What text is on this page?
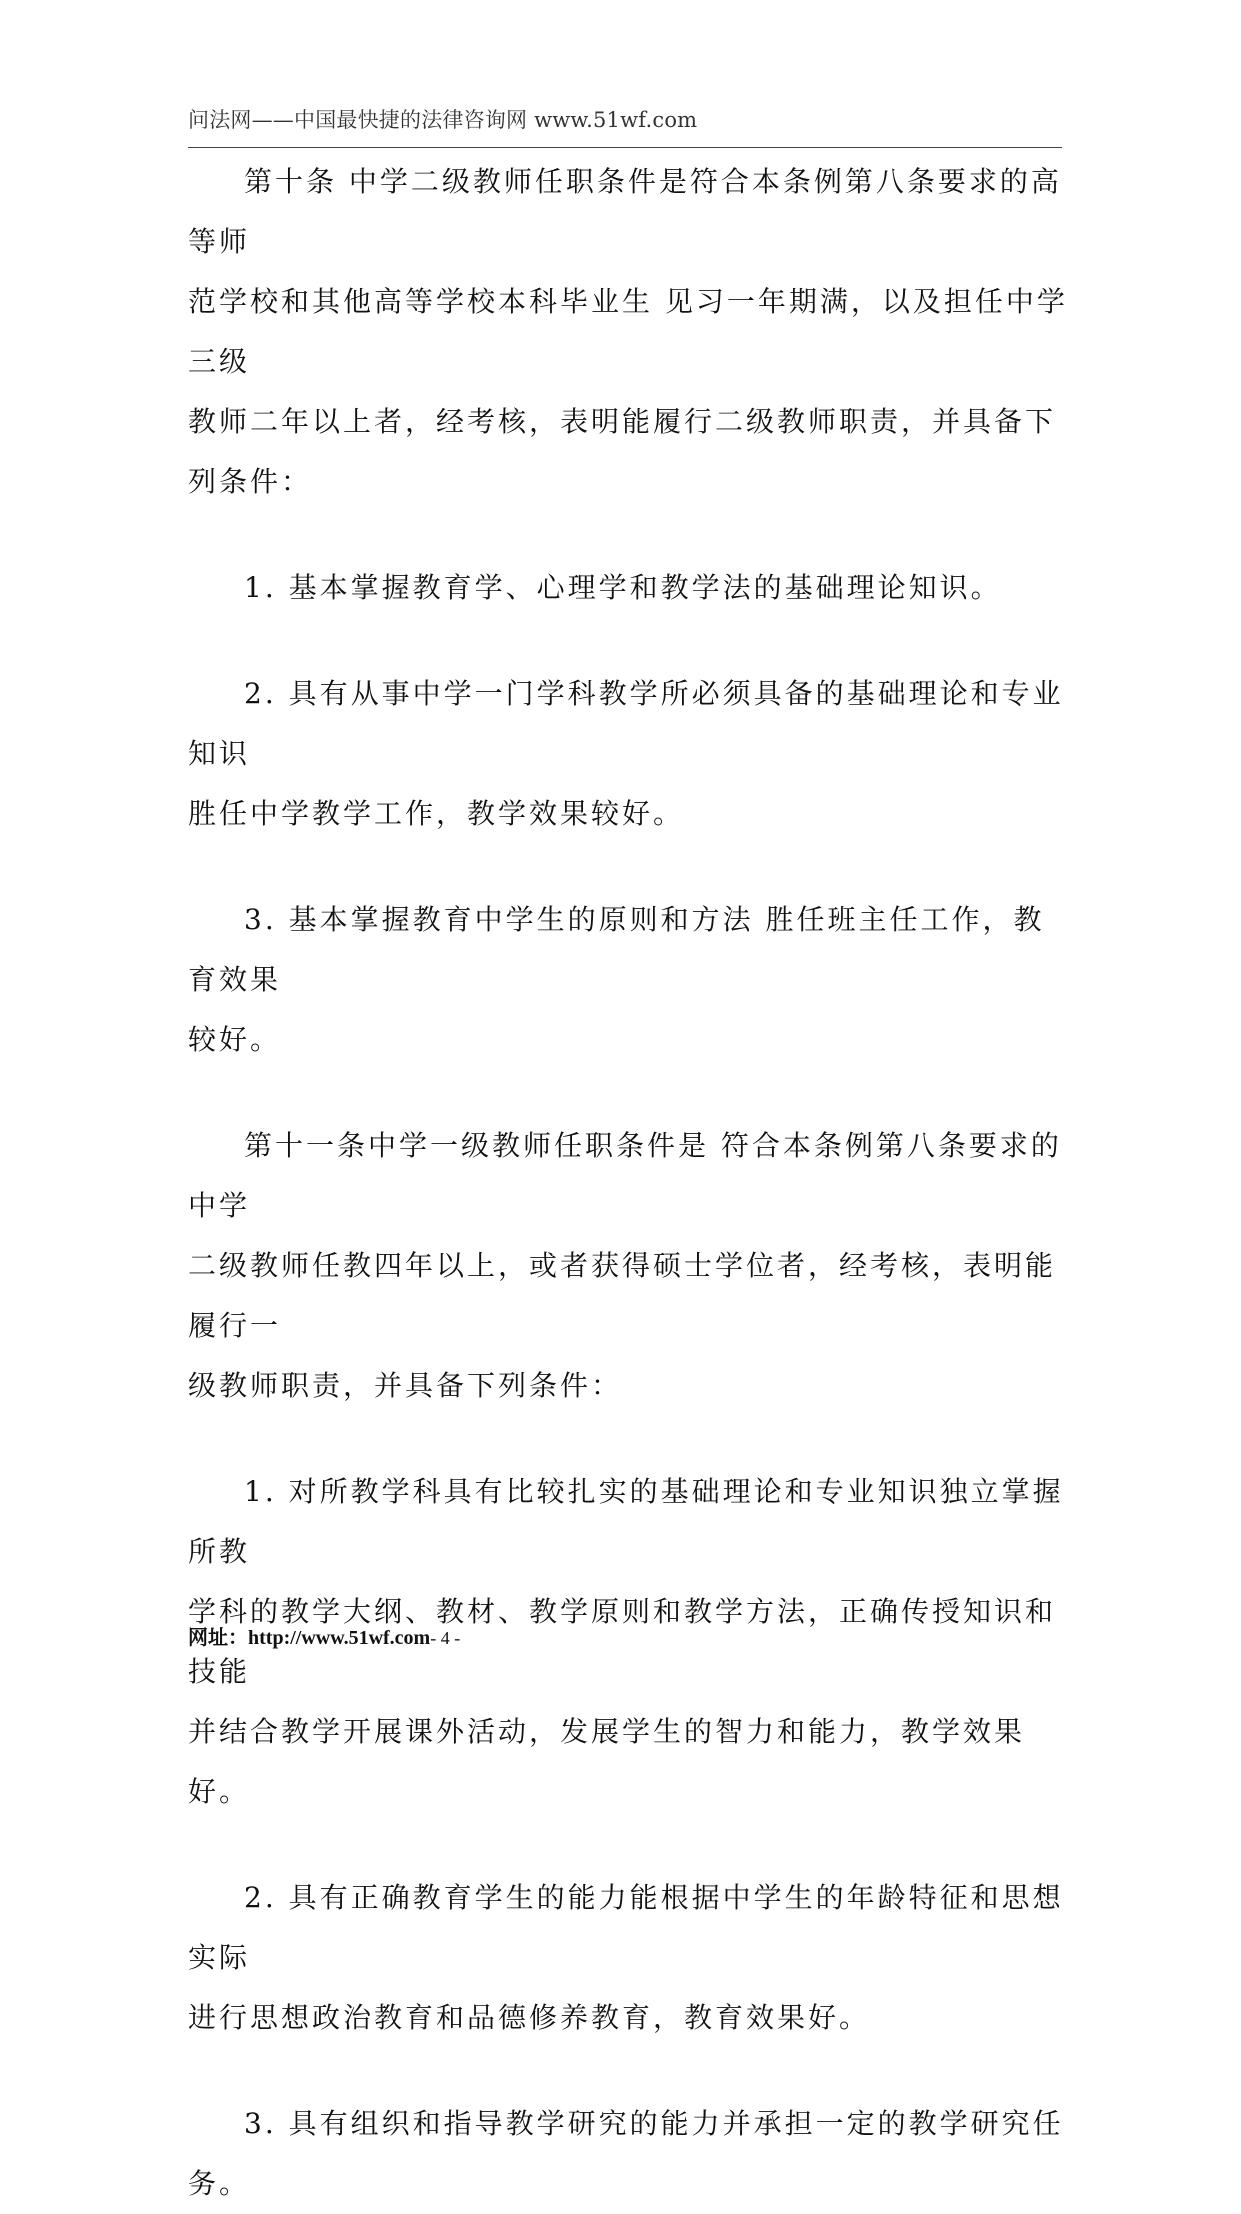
问法网——中国最快捷的法律咨询网 www.51wf.com

第十条 中学二级教师任职条件是符合本条例第八条要求的高等师
范学校和其他高等学校本科毕业生 见习一年期满，以及担任中学三级
教师二年以上者，经考核，表明能履行二级教师职责，并具备下列条件：

1. 基本掌握教育学、心理学和教学法的基础理论知识。

2. 具有从事中学一门学科教学所必须具备的基础理论和专业知识
胜任中学教学工作，教学效果较好。

3. 基本掌握教育中学生的原则和方法 胜任班主任工作，教育效果
较好。

第十一条中学一级教师任职条件是 符合本条例第八条要求的中学
二级教师任教四年以上，或者获得硕士学位者，经考核，表明能履行一
级教师职责，并具备下列条件：

1. 对所教学科具有比较扎实的基础理论和专业知识独立掌握所教
学科的教学大纲、教材、教学原则和教学方法，正确传授知识和技能
并结合教学开展课外活动，发展学生的智力和能力，教学效果好。

2. 具有正确教育学生的能力能根据中学生的年龄特征和思想实际
进行思想政治教育和品德修养教育，教育效果好。

3. 具有组织和指导教学研究的能力并承担一定的教学研究任务。

网址：http://www.51wf.com- 4 -
